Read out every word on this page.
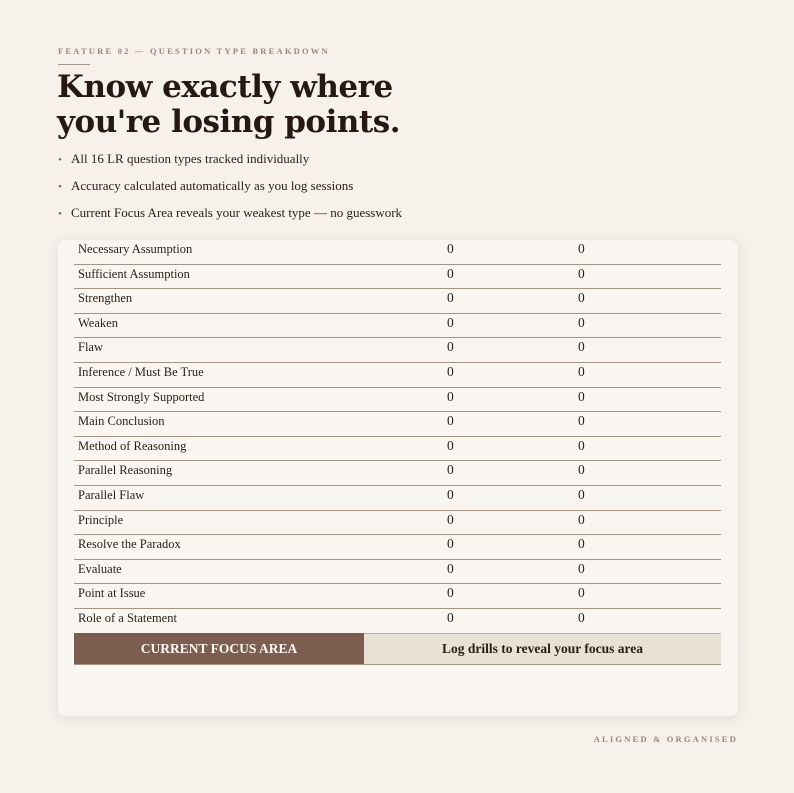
FEATURE 02 — QUESTION TYPE BREAKDOWN
Know exactly where you're losing points.
• All 16 LR question types tracked individually
• Accuracy calculated automatically as you log sessions
• Current Focus Area reveals your weakest type — no guesswork
Necessary Assumption	0	0
Sufficient Assumption	0	0
Strengthen	0	0
Weaken	0	0
Flaw	0	0
Inference / Must Be True	0	0
Most Strongly Supported	0	0
Main Conclusion	0	0
Method of Reasoning	0	0
Parallel Reasoning	0	0
Parallel Flaw	0	0
Principle	0	0
Resolve the Paradox	0	0
Evaluate	0	0
Point at Issue	0	0
Role of a Statement	0	0
CURRENT FOCUS AREA	Log drills to reveal your focus area
ALIGNED & ORGANISED
